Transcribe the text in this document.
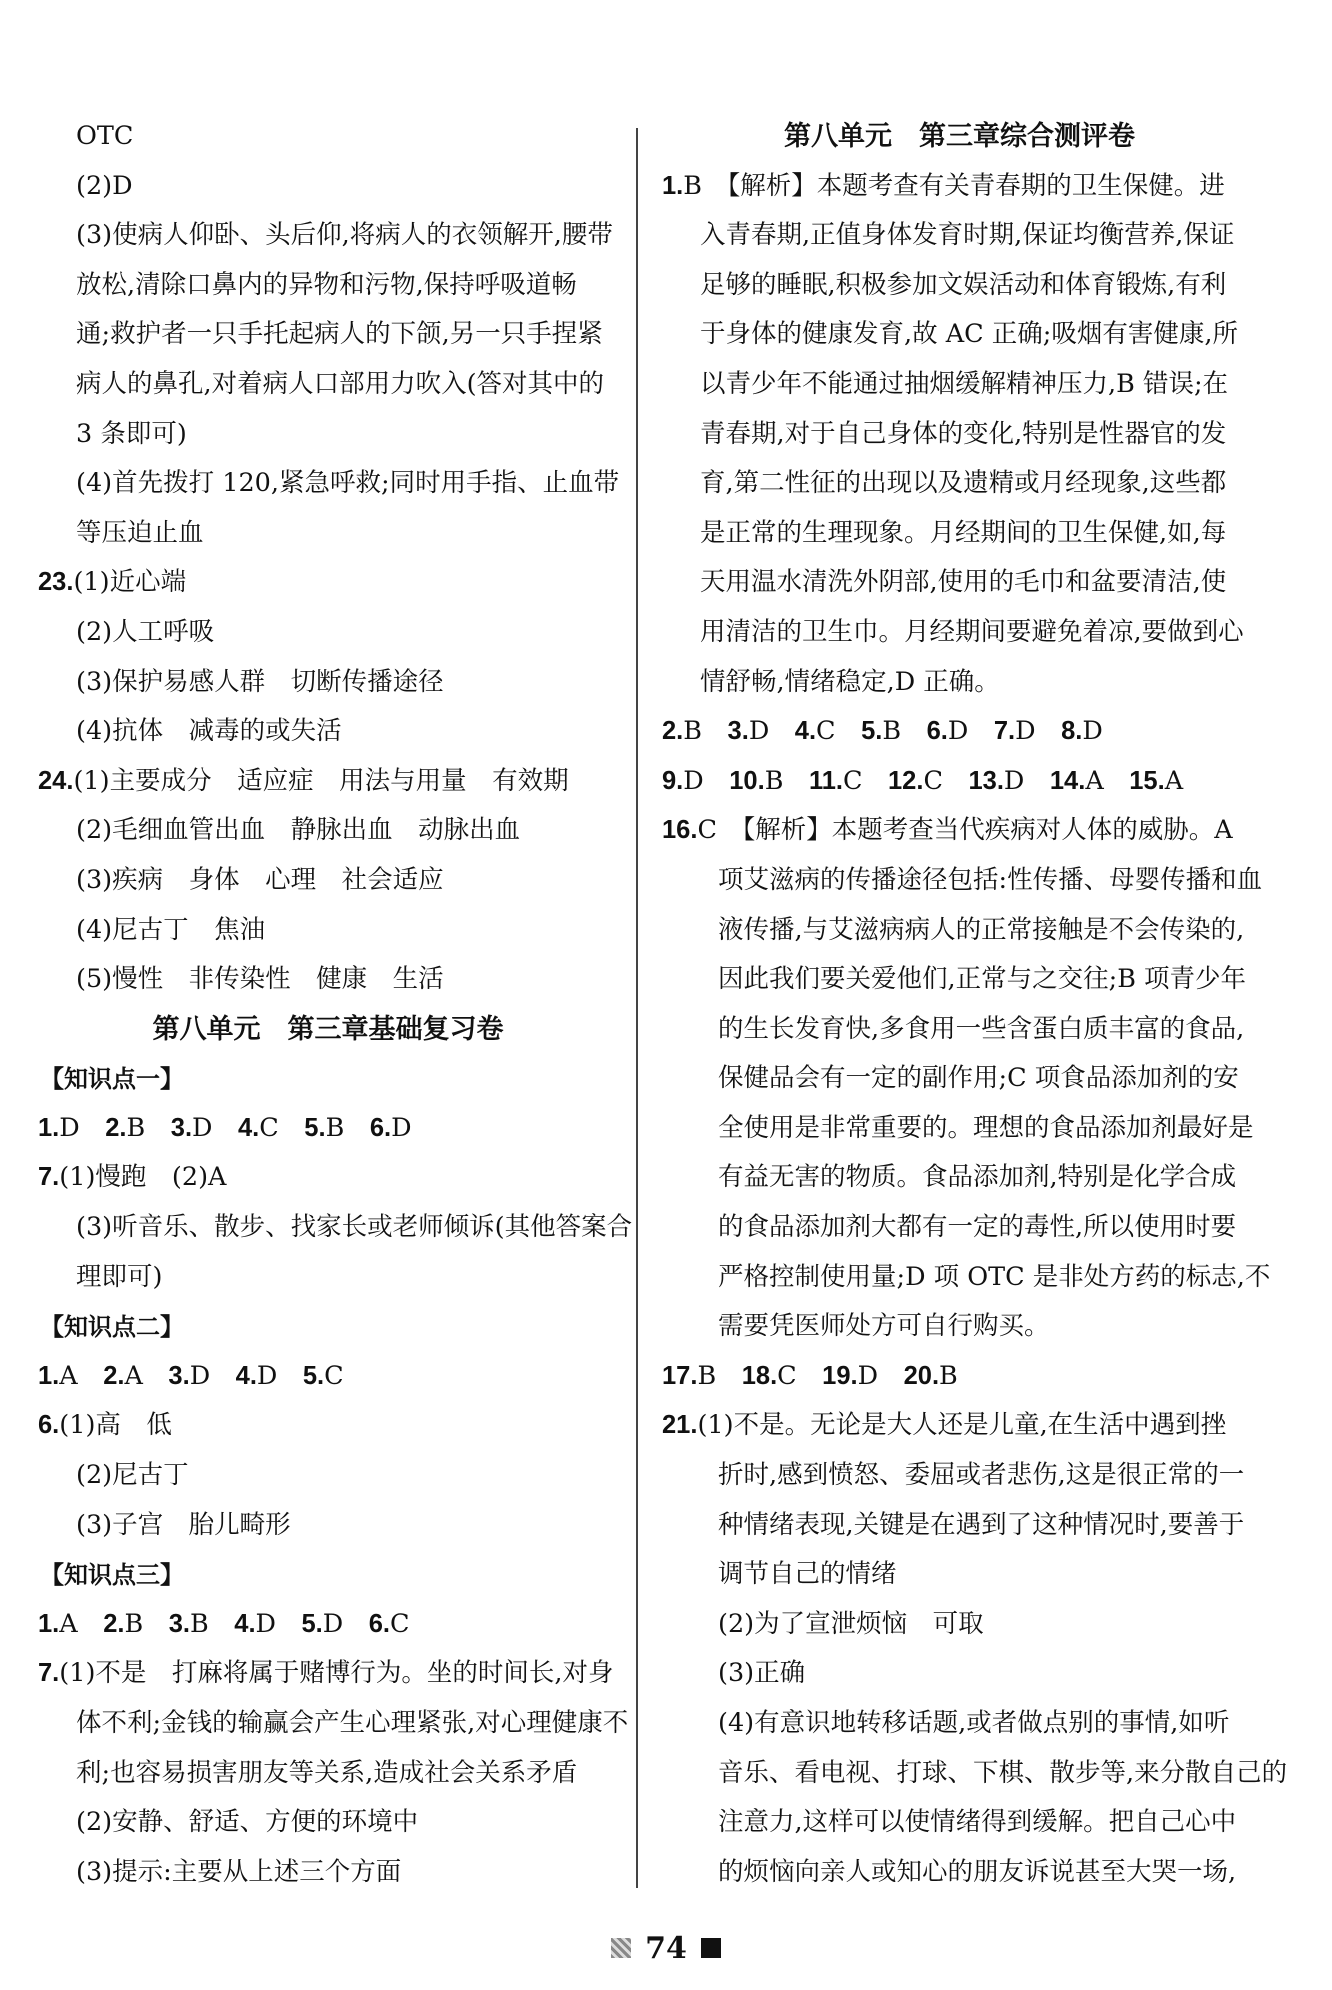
OTC
(2)D
(3)使病人仰卧、头后仰,将病人的衣领解开,腰带
放松,清除口鼻内的异物和污物,保持呼吸道畅
通;救护者一只手托起病人的下颌,另一只手捏紧
病人的鼻孔,对着病人口部用力吹入(答对其中的
3 条即可)
(4)首先拨打 120,紧急呼救;同时用手指、止血带
等压迫止血
23.(1)近心端
(2)人工呼吸
(3)保护易感人群　切断传播途径
(4)抗体　减毒的或失活
24.(1)主要成分　适应症　用法与用量　有效期
(2)毛细血管出血　静脉出血　动脉出血
(3)疾病　身体　心理　社会适应
(4)尼古丁　焦油
(5)慢性　非传染性　健康　生活
第八单元　第三章基础复习卷
【知识点一】
1.D  2.B  3.D  4.C  5.B  6.D
7.(1)慢跑　(2)A
(3)听音乐、散步、找家长或老师倾诉(其他答案合
理即可)
【知识点二】
1.A  2.A  3.D  4.D  5.C
6.(1)高　低
(2)尼古丁
(3)子宫　胎儿畸形
【知识点三】
1.A  2.B  3.B  4.D  5.D  6.C
7.(1)不是　打麻将属于赌博行为。坐的时间长,对身
体不利;金钱的输赢会产生心理紧张,对心理健康不
利;也容易损害朋友等关系,造成社会关系矛盾
(2)安静、舒适、方便的环境中
(3)提示:主要从上述三个方面
第八单元　第三章综合测评卷
1.B　【解析】本题考查有关青春期的卫生保健。进
入青春期,正值身体发育时期,保证均衡营养,保证
足够的睡眠,积极参加文娱活动和体育锻炼,有利
于身体的健康发育,故 AC 正确;吸烟有害健康,所
以青少年不能通过抽烟缓解精神压力,B 错误;在
青春期,对于自己身体的变化,特别是性器官的发
育,第二性征的出现以及遗精或月经现象,这些都
是正常的生理现象。月经期间的卫生保健,如,每
天用温水清洗外阴部,使用的毛巾和盆要清洁,使
用清洁的卫生巾。月经期间要避免着凉,要做到心
情舒畅,情绪稳定,D 正确。
2.B  3.D  4.C  5.B  6.D  7.D  8.D
9.D  10.B  11.C  12.C  13.D  14.A  15.A
16.C　【解析】本题考查当代疾病对人体的威胁。A
项艾滋病的传播途径包括:性传播、母婴传播和血
液传播,与艾滋病病人的正常接触是不会传染的,
因此我们要关爱他们,正常与之交往;B 项青少年
的生长发育快,多食用一些含蛋白质丰富的食品,
保健品会有一定的副作用;C 项食品添加剂的安
全使用是非常重要的。理想的食品添加剂最好是
有益无害的物质。食品添加剂,特别是化学合成
的食品添加剂大都有一定的毒性,所以使用时要
严格控制使用量;D 项 OTC 是非处方药的标志,不
需要凭医师处方可自行购买。
17.B  18.C  19.D  20.B
21.(1)不是。无论是大人还是儿童,在生活中遇到挫
折时,感到愤怒、委屈或者悲伤,这是很正常的一
种情绪表现,关键是在遇到了这种情况时,要善于
调节自己的情绪
(2)为了宣泄烦恼　可取
(3)正确
(4)有意识地转移话题,或者做点别的事情,如听
音乐、看电视、打球、下棋、散步等,来分散自己的
注意力,这样可以使情绪得到缓解。把自己心中
的烦恼向亲人或知心的朋友诉说甚至大哭一场,
74
